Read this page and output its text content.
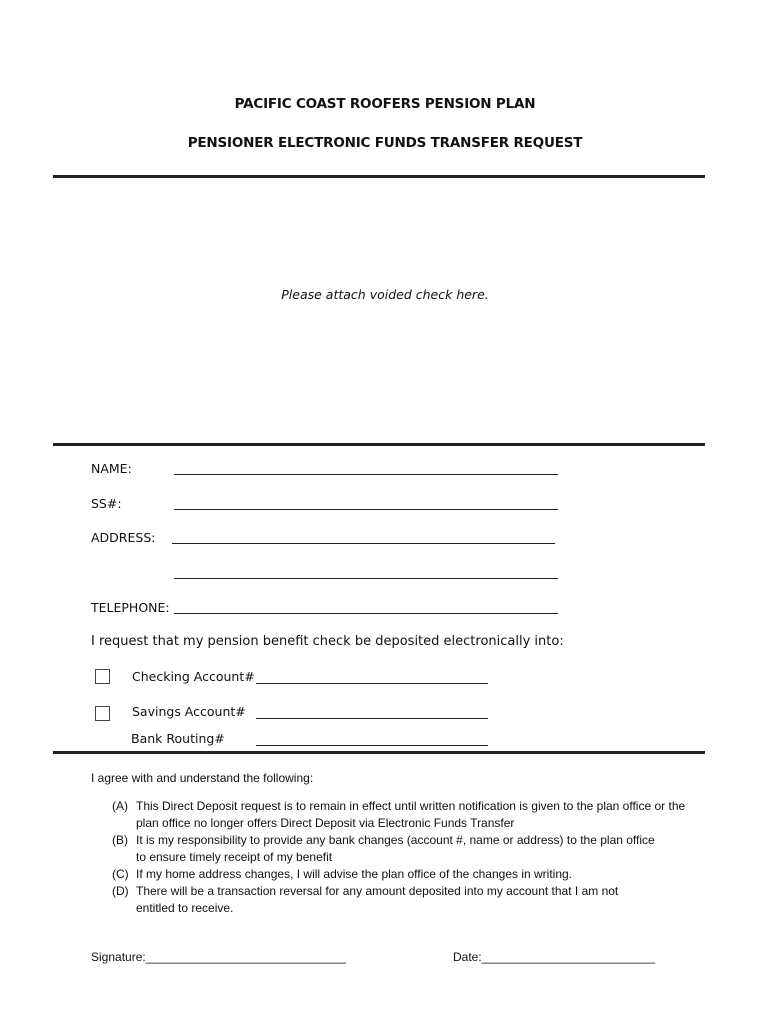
PACIFIC COAST ROOFERS PENSION PLAN
PENSIONER ELECTRONIC FUNDS TRANSFER REQUEST
Please attach voided check here.
NAME:
SS#:
ADDRESS:
TELEPHONE:
I request that my pension benefit check be deposited electronically into:
Checking Account#
Savings Account#
Bank Routing#
I agree with and understand the following:
(A) This Direct Deposit request is to remain in effect until written notification is given to the plan office or the plan office no longer offers Direct Deposit via Electronic Funds Transfer
(B) It is my responsibility to provide any bank changes (account #, name or address) to the plan office to ensure timely receipt of my benefit
(C) If my home address changes, I will advise the plan office of the changes in writing.
(D) There will be a transaction reversal for any amount deposited into my account that I am not entitled to receive.
Signature:______________________________	Date:__________________________
